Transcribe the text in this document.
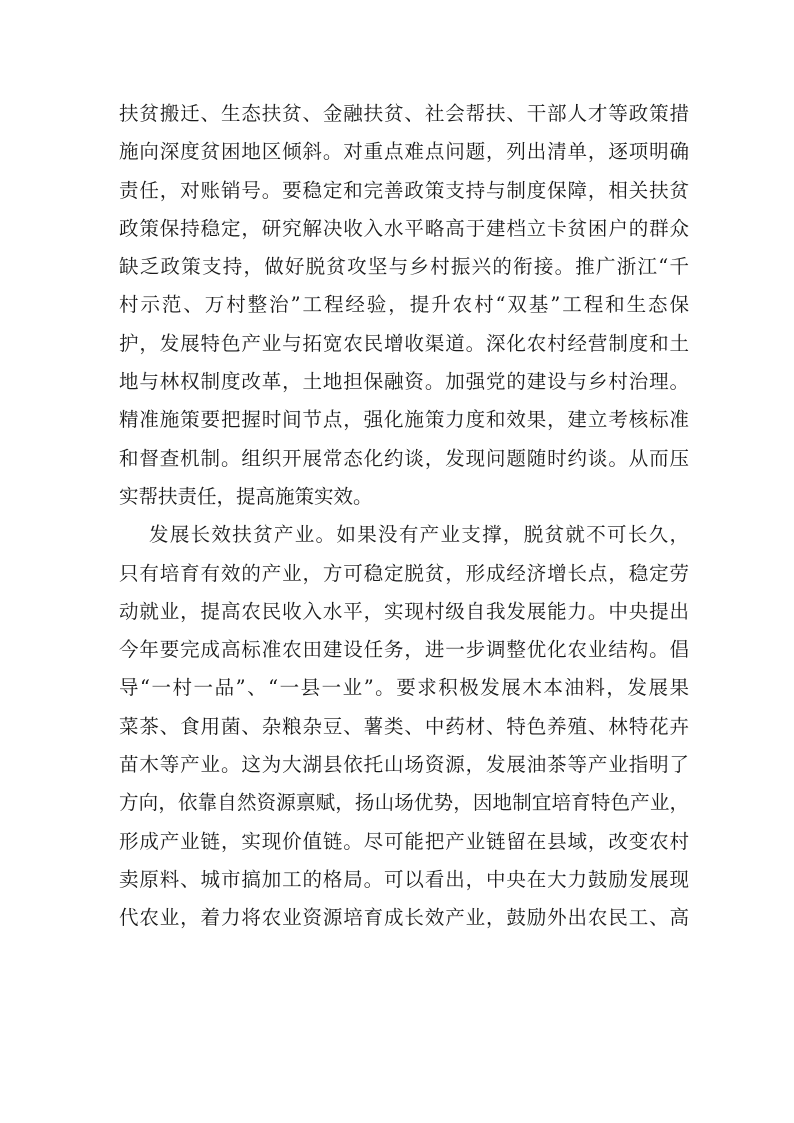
扶贫搬迁、生态扶贫、金融扶贫、社会帮扶、干部人才等政策措
施向深度贫困地区倾斜。对重点难点问题，列出清单，逐项明确
责任，对账销号。要稳定和完善政策支持与制度保障，相关扶贫
政策保持稳定，研究解决收入水平略高于建档立卡贫困户的群众
缺乏政策支持，做好脱贫攻坚与乡村振兴的衔接。推广浙江“千
村示范、万村整治”工程经验，提升农村“双基”工程和生态保
护，发展特色产业与拓宽农民增收渠道。深化农村经营制度和土
地与林权制度改革，土地担保融资。加强党的建设与乡村治理。
精准施策要把握时间节点，强化施策力度和效果，建立考核标准
和督查机制。组织开展常态化约谈，发现问题随时约谈。从而压
实帮扶责任，提高施策实效。
发展长效扶贫产业。如果没有产业支撑，脱贫就不可长久，
只有培育有效的产业，方可稳定脱贫，形成经济增长点，稳定劳
动就业，提高农民收入水平，实现村级自我发展能力。中央提出
今年要完成高标准农田建设任务，进一步调整优化农业结构。倡
导“一村一品”、“一县一业”。要求积极发展木本油料，发展果
菜茶、食用菌、杂粮杂豆、薯类、中药材、特色养殖、林特花卉
苗木等产业。这为大湖县依托山场资源，发展油茶等产业指明了
方向，依靠自然资源禀赋，扬山场优势，因地制宜培育特色产业，
形成产业链，实现价值链。尽可能把产业链留在县域，改变农村
卖原料、城市搞加工的格局。可以看出，中央在大力鼓励发展现
代农业，着力将农业资源培育成长效产业，鼓励外出农民工、高
